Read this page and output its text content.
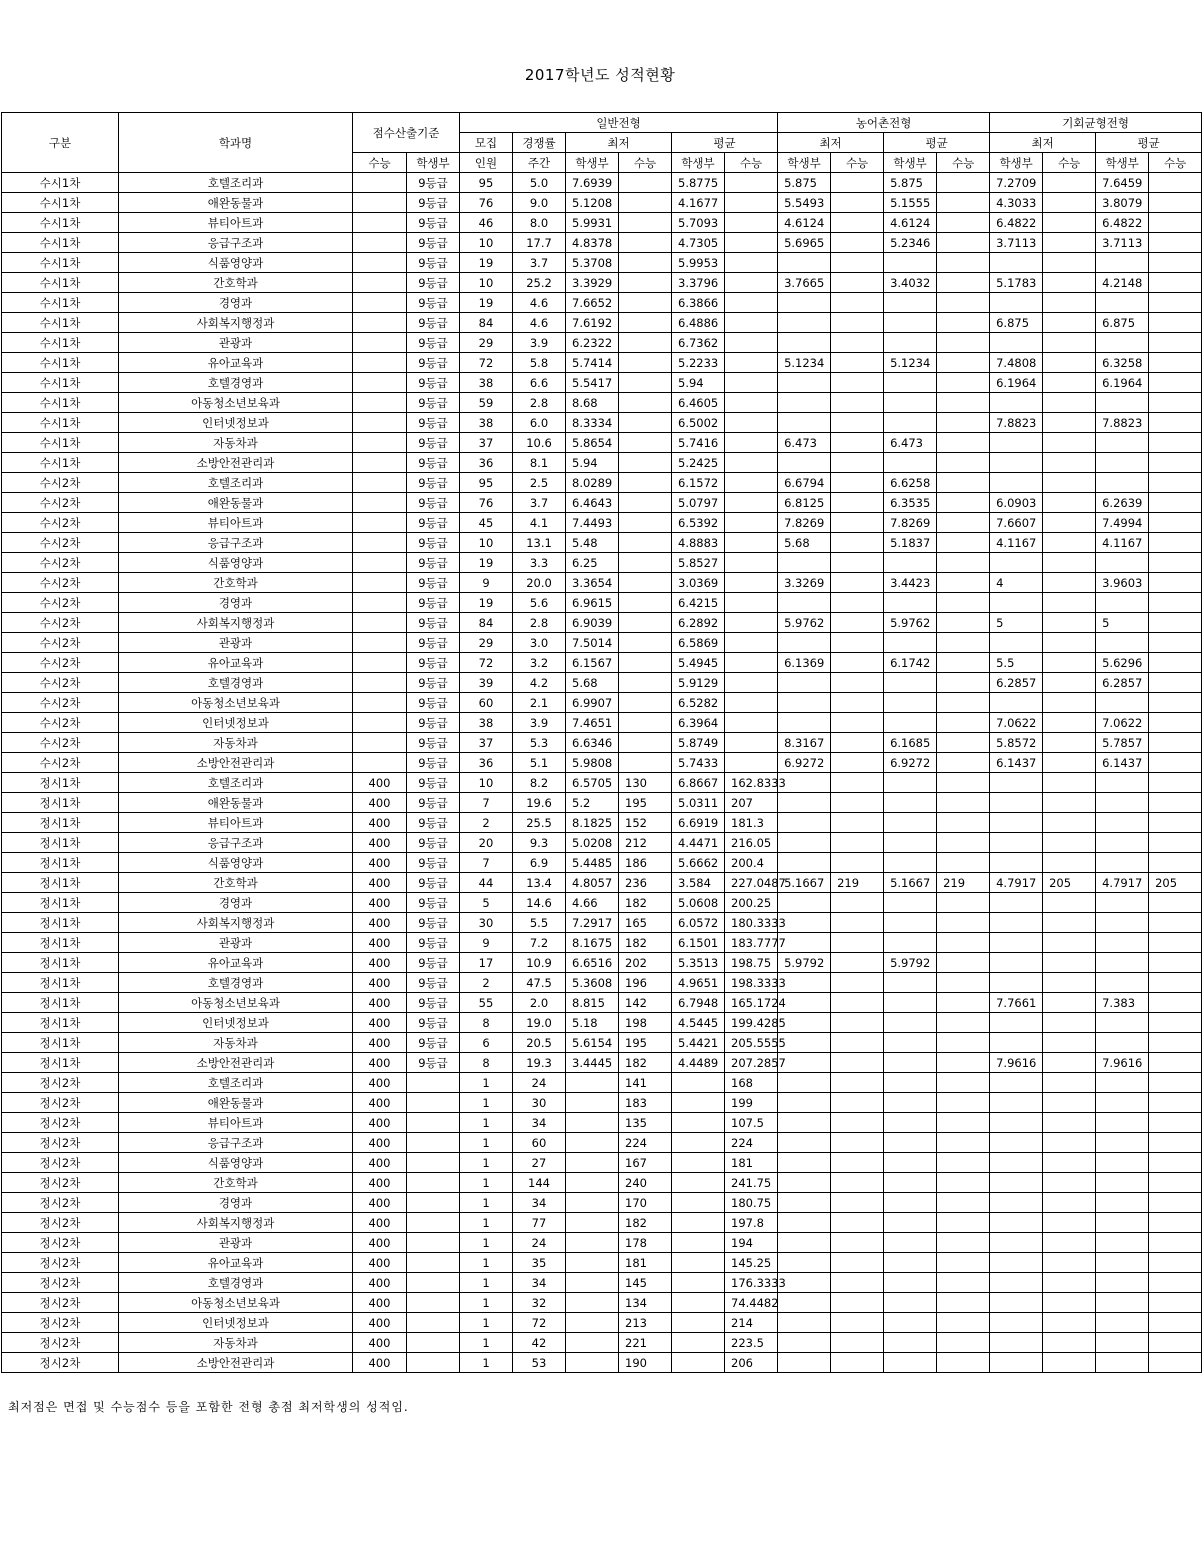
2017학년도 성적현황
구분	학과명	점수산출기준		일반전형						농어촌전형				기회균형전형			
				모집	경쟁률	최저		평균		최저		평균		최저		평균	
		수능	학생부	인원	주간	학생부	수능	학생부	수능	학생부	수능	학생부	수능	학생부	수능	학생부	수능
수시1차	호텔조리과		9등급	95	5.0	7.6939		5.8775		5.875		5.875		7.2709		7.6459	
수시1차	애완동물과		9등급	76	9.0	5.1208		4.1677		5.5493		5.1555		4.3033		3.8079	
수시1차	뷰티아트과		9등급	46	8.0	5.9931		5.7093		4.6124		4.6124		6.4822		6.4822	
수시1차	응급구조과		9등급	10	17.7	4.8378		4.7305		5.6965		5.2346		3.7113		3.7113	
수시1차	식품영양과		9등급	19	3.7	5.3708		5.9953									
수시1차	간호학과		9등급	10	25.2	3.3929		3.3796		3.7665		3.4032		5.1783		4.2148	
수시1차	경영과		9등급	19	4.6	7.6652		6.3866									
수시1차	사회복지행정과		9등급	84	4.6	7.6192		6.4886						6.875		6.875	
수시1차	관광과		9등급	29	3.9	6.2322		6.7362									
수시1차	유아교육과		9등급	72	5.8	5.7414		5.2233		5.1234		5.1234		7.4808		6.3258	
수시1차	호텔경영과		9등급	38	6.6	5.5417		5.94						6.1964		6.1964	
수시1차	아동청소년보육과		9등급	59	2.8	8.68		6.4605									
수시1차	인터넷정보과		9등급	38	6.0	8.3334		6.5002						7.8823		7.8823	
수시1차	자동차과		9등급	37	10.6	5.8654		5.7416		6.473		6.473					
수시1차	소방안전관리과		9등급	36	8.1	5.94		5.2425									
수시2차	호텔조리과		9등급	95	2.5	8.0289		6.1572		6.6794		6.6258					
수시2차	애완동물과		9등급	76	3.7	6.4643		5.0797		6.8125		6.3535		6.0903		6.2639	
수시2차	뷰티아트과		9등급	45	4.1	7.4493		6.5392		7.8269		7.8269		7.6607		7.4994	
수시2차	응급구조과		9등급	10	13.1	5.48		4.8883		5.68		5.1837		4.1167		4.1167	
수시2차	식품영양과		9등급	19	3.3	6.25		5.8527									
수시2차	간호학과		9등급	9	20.0	3.3654		3.0369		3.3269		3.4423		4		3.9603	
수시2차	경영과		9등급	19	5.6	6.9615		6.4215									
수시2차	사회복지행정과		9등급	84	2.8	6.9039		6.2892		5.9762		5.9762		5		5	
수시2차	관광과		9등급	29	3.0	7.5014		6.5869									
수시2차	유아교육과		9등급	72	3.2	6.1567		5.4945		6.1369		6.1742		5.5		5.6296	
수시2차	호텔경영과		9등급	39	4.2	5.68		5.9129						6.2857		6.2857	
수시2차	아동청소년보육과		9등급	60	2.1	6.9907		6.5282									
수시2차	인터넷정보과		9등급	38	3.9	7.4651		6.3964						7.0622		7.0622	
수시2차	자동차과		9등급	37	5.3	6.6346		5.8749		8.3167		6.1685		5.8572		5.7857	
수시2차	소방안전관리과		9등급	36	5.1	5.9808		5.7433		6.9272		6.9272		6.1437		6.1437	
정시1차	호텔조리과	400	9등급	10	8.2	6.5705	130	6.8667	162.8333								
정시1차	애완동물과	400	9등급	7	19.6	5.2	195	5.0311	207								
정시1차	뷰티아트과	400	9등급	2	25.5	8.1825	152	6.6919	181.3								
정시1차	응급구조과	400	9등급	20	9.3	5.0208	212	4.4471	216.05								
정시1차	식품영양과	400	9등급	7	6.9	5.4485	186	5.6662	200.4								
정시1차	간호학과	400	9등급	44	13.4	4.8057	236	3.584	227.0487	5.1667	219	5.1667	219	4.7917	205	4.7917	205
정시1차	경영과	400	9등급	5	14.6	4.66	182	5.0608	200.25								
정시1차	사회복지행정과	400	9등급	30	5.5	7.2917	165	6.0572	180.3333								
정시1차	관광과	400	9등급	9	7.2	8.1675	182	6.1501	183.7777								
정시1차	유아교육과	400	9등급	17	10.9	6.6516	202	5.3513	198.75	5.9792		5.9792					
정시1차	호텔경영과	400	9등급	2	47.5	5.3608	196	4.9651	198.3333								
정시1차	아동청소년보육과	400	9등급	55	2.0	8.815	142	6.7948	165.1724					7.7661		7.383	
정시1차	인터넷정보과	400	9등급	8	19.0	5.18	198	4.5445	199.4285								
정시1차	자동차과	400	9등급	6	20.5	5.6154	195	5.4421	205.5555								
정시1차	소방안전관리과	400	9등급	8	19.3	3.4445	182	4.4489	207.2857					7.9616		7.9616	
정시2차	호텔조리과	400		1	24		141		168								
정시2차	애완동물과	400		1	30		183		199								
정시2차	뷰티아트과	400		1	34		135		107.5								
정시2차	응급구조과	400		1	60		224		224								
정시2차	식품영양과	400		1	27		167		181								
정시2차	간호학과	400		1	144		240		241.75								
정시2차	경영과	400		1	34		170		180.75								
정시2차	사회복지행정과	400		1	77		182		197.8								
정시2차	관광과	400		1	24		178		194								
정시2차	유아교육과	400		1	35		181		145.25								
정시2차	호텔경영과	400		1	34		145		176.3333								
정시2차	아동청소년보육과	400		1	32		134		74.4482								
정시2차	인터넷정보과	400		1	72		213		214								
정시2차	자동차과	400		1	42		221		223.5								
정시2차	소방안전관리과	400		1	53		190		206								
최저점은 면접 및 수능점수 등을 포함한 전형 총점 최저학생의 성적임.
